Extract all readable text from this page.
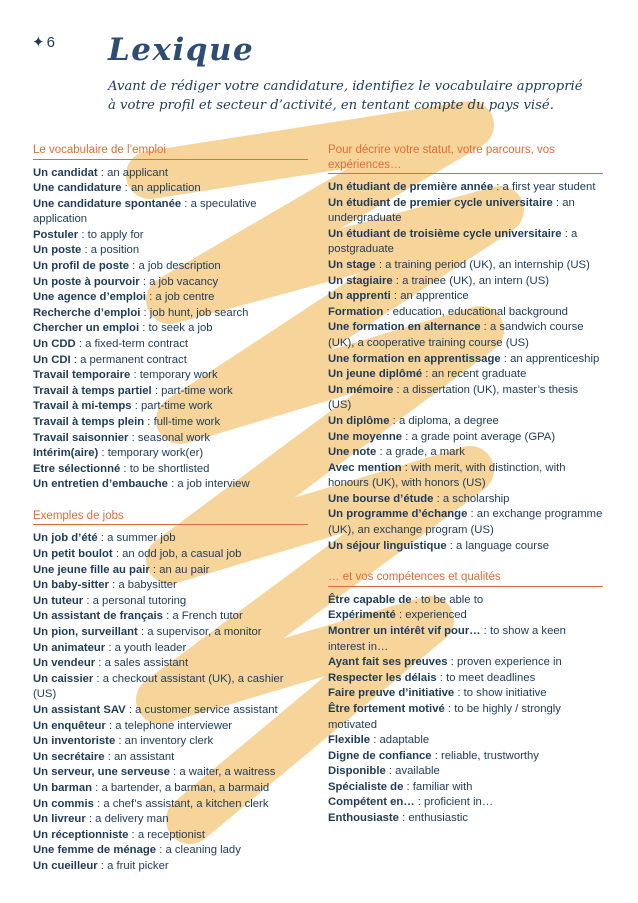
✦ 6 Lexique

Avant de rédiger votre candidature, identifiez le vocabulaire approprié à votre profil et secteur d’activité, en tentant compte du pays visé.

Le vocabulaire de l’emploi
Un candidat : an applicant
Une candidature : an application
Une candidature spontanée : a speculative application
Postuler : to apply for
Un poste : a position
Un profil de poste : a job description
Un poste à pourvoir : a job vacancy
Une agence d’emploi : a job centre
Recherche d’emploi : job hunt, job search
Chercher un emploi : to seek a job
Un CDD : a fixed-term contract
Un CDI : a permanent contract
Travail temporaire : temporary work
Travail à temps partiel : part-time work
Travail à mi-temps : part-time work
Travail à temps plein : full-time work
Travail saisonnier : seasonal work
Intérim(aire) : temporary work(er)
Etre sélectionné : to be shortlisted
Un entretien d’embauche : a job interview
Exemples de jobs
Un job d’été : a summer job
Un petit boulot : an odd job, a casual job
Une jeune fille au pair : an au pair
Un baby-sitter : a babysitter
Un tuteur : a personal tutoring
Un assistant de français : a French tutor
Un pion, surveillant : a supervisor, a monitor
Un animateur : a youth leader
Un vendeur : a sales assistant
Un caissier : a checkout assistant (UK), a cashier (US)
Un assistant SAV : a customer service assistant
Un enquêteur : a telephone interviewer
Un inventoriste : an inventory clerk
Un secrétaire : an assistant
Un serveur, une serveuse : a waiter, a waitress
Un barman : a bartender, a barman, a barmaid
Un commis : a chef’s assistant, a kitchen clerk
Un livreur : a delivery man
Un réceptionniste : a receptionist
Une femme de ménage : a cleaning lady
Un cueilleur : a fruit picker
Pour décrire votre statut, votre parcours, vos expériences…
Un étudiant de première année : a first year student
Un étudiant de premier cycle universitaire : an undergraduate
Un étudiant de troisième cycle universitaire : a postgraduate
Un stage : a training period (UK), an internship (US)
Un stagiaire : a trainee (UK), an intern (US)
Un apprenti : an apprentice
Formation : education, educational background
Une formation en alternance : a sandwich course (UK), a cooperative training course (US)
Une formation en apprentissage : an apprenticeship
Un jeune diplômé : an recent graduate
Un mémoire : a dissertation (UK), master’s thesis (US)
Un diplôme : a diploma, a degree
Une moyenne : a grade point average (GPA)
Une note : a grade, a mark
Avec mention : with merit, with distinction, with honours (UK), with honors (US)
Une bourse d’étude : a scholarship
Un programme d’échange : an exchange programme (UK), an exchange program (US)
Un séjour linguistique : a language course
… et vos compétences et qualités
Être capable de : to be able to
Expérimenté : experienced
Montrer un intérêt vif pour… : to show a keen interest in…
Ayant fait ses preuves : proven experience in
Respecter les délais : to meet deadlines
Faire preuve d’initiative : to show initiative
Être fortement motivé : to be highly / strongly motivated
Flexible : adaptable
Digne de confiance : reliable, trustworthy
Disponible : available
Spécialiste de : familiar with
Compétent en… : proficient in…
Enthousiaste : enthusiastic
